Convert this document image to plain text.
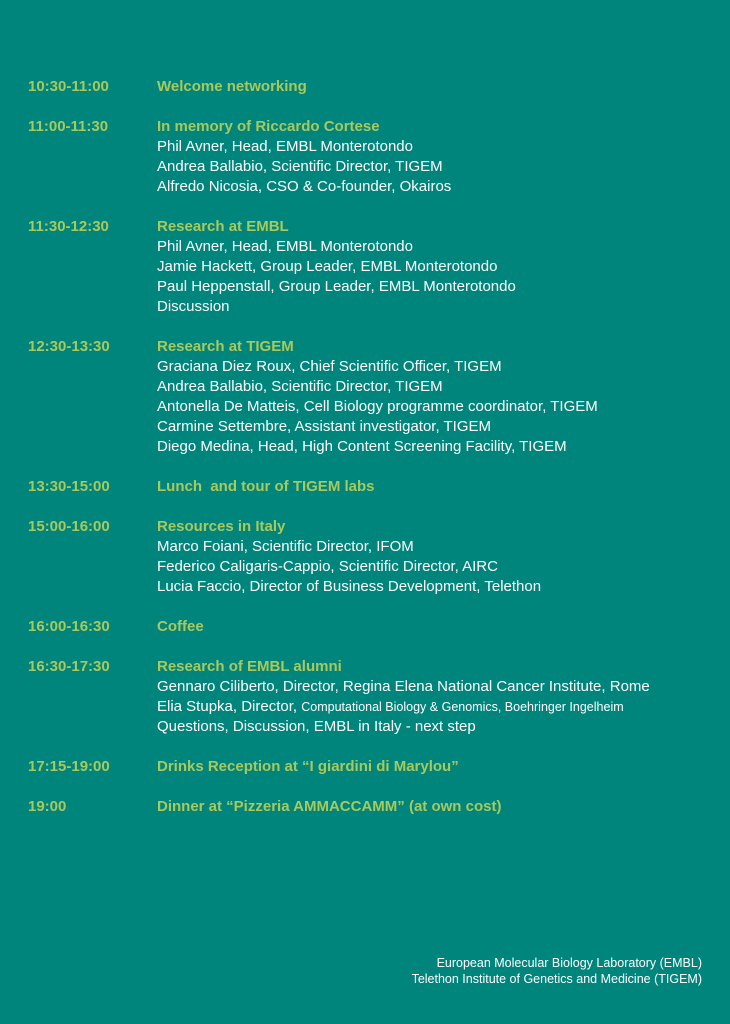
10:30-11:00	Welcome networking
11:00-11:30	In memory of Riccardo Cortese
Phil Avner, Head, EMBL Monterotondo
Andrea Ballabio, Scientific Director, TIGEM
Alfredo Nicosia, CSO & Co-founder, Okairos
11:30-12:30	Research at EMBL
Phil Avner, Head, EMBL Monterotondo
Jamie Hackett, Group Leader, EMBL Monterotondo
Paul Heppenstall, Group Leader, EMBL Monterotondo
Discussion
12:30-13:30	Research at TIGEM
Graciana Diez Roux, Chief Scientific Officer, TIGEM
Andrea Ballabio, Scientific Director, TIGEM
Antonella De Matteis, Cell Biology programme coordinator, TIGEM
Carmine Settembre, Assistant investigator, TIGEM
Diego Medina, Head, High Content Screening Facility, TIGEM
13:30-15:00	Lunch  and tour of TIGEM labs
15:00-16:00	Resources in Italy
Marco Foiani, Scientific Director, IFOM
Federico Caligaris-Cappio, Scientific Director, AIRC
Lucia Faccio, Director of Business Development, Telethon
16:00-16:30	Coffee
16:30-17:30	Research of EMBL alumni
Gennaro Ciliberto, Director, Regina Elena National Cancer Institute, Rome
Elia Stupka, Director, Computational Biology & Genomics, Boehringer Ingelheim
Questions, Discussion, EMBL in Italy - next step
17:15-19:00	Drinks Reception at “I giardini di Marylou”
19:00	Dinner at “Pizzeria AMMACCAMM” (at own cost)
European Molecular Biology Laboratory (EMBL)
Telethon Institute of Genetics and Medicine (TIGEM)
